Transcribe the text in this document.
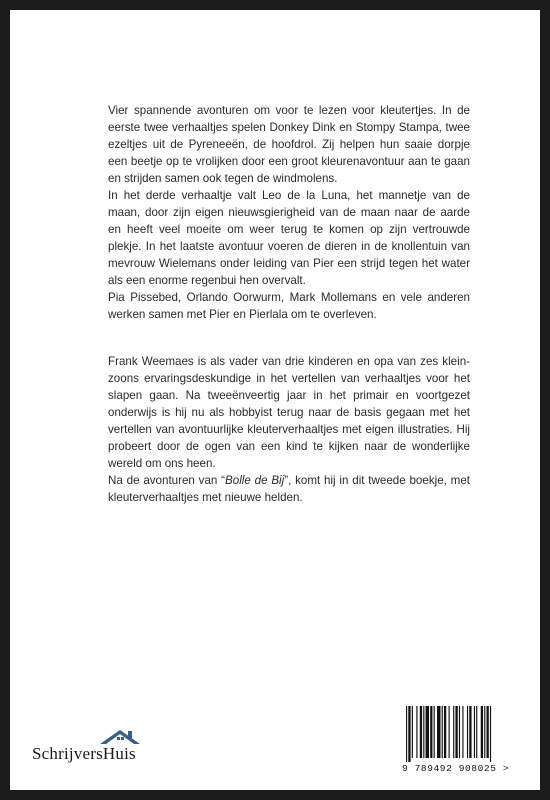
Vier spannende avonturen om voor te lezen voor kleutertjes. In de eerste twee verhaaltjes spelen Donkey Dink en Stompy Stampa, twee ezeltjes uit de Pyreneeën, de hoofdrol. Zij helpen hun saaie dorpje een beetje op te vrolijken door een groot kleurenavontuur aan te gaan en strijden samen ook tegen de windmolens.

In het derde verhaaltje valt Leo de la Luna, het mannetje van de maan, door zijn eigen nieuwsgierigheid van de maan naar de aarde en heeft veel moeite om weer terug te komen op zijn vertrouwde plekje. In het laatste avontuur voeren de dieren in de knollentuin van mevrouw Wielemans onder leiding van Pier een strijd tegen het water als een enorme regenbui hen overvalt.

Pia Pissebed, Orlando Oorwurm, Mark Mollemans en vele anderen werken samen met Pier en Pierlala om te overleven.

Frank Weemaes is als vader van drie kinderen en opa van zes klein-zoons ervaringsdeskundige in het vertellen van verhaaltjes voor het slapen gaan. Na tweeënveertig jaar in het primair en voortgezet onderwijs is hij nu als hobbyist terug naar de basis gegaan met het vertellen van avontuurlijke kleuterverhaaltjes met eigen illustraties. Hij probeert door de ogen van een kind te kijken naar de wonderlijke wereld om ons heen.

Na de avonturen van “Bolle de Bij”, komt hij in dit tweede boekje, met kleuterverhaaltjes met nieuwe helden.

SchrijversHuis
9 789492 908025 >
